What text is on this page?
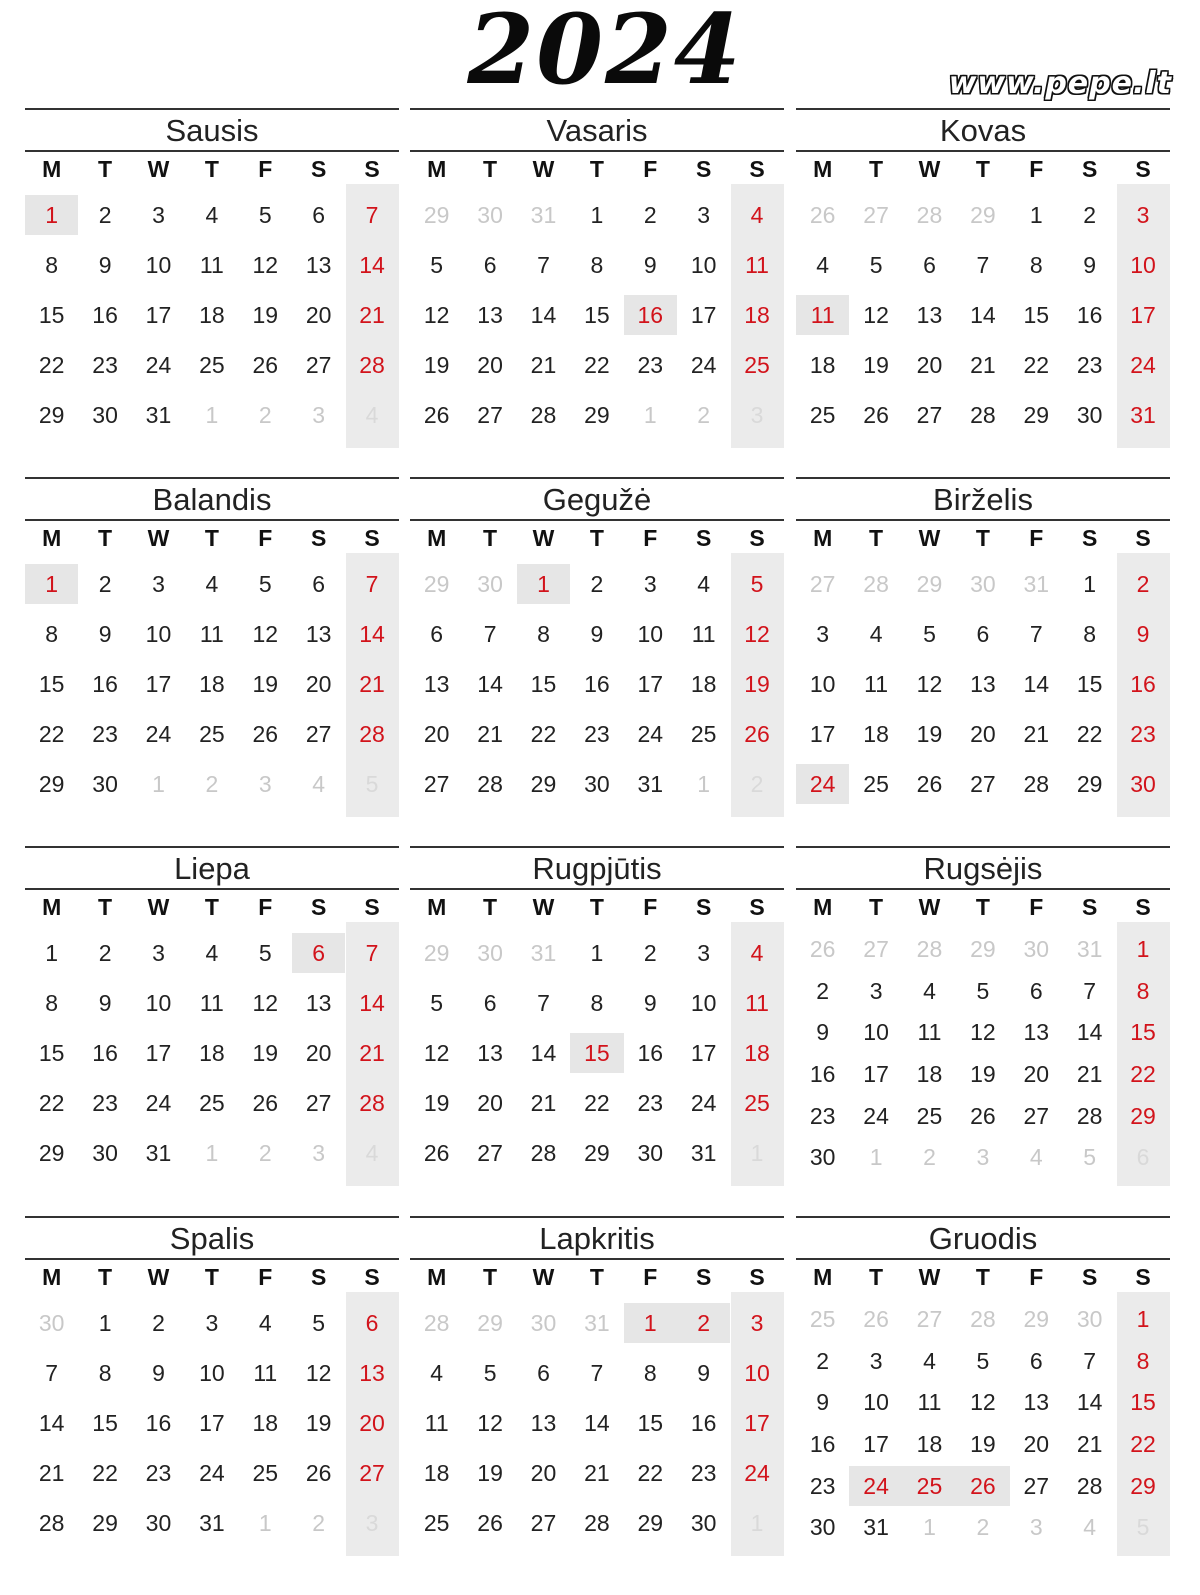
2024	www.pepe.lt
Sausis
M	T	W	T	F	S	S
1	2	3	4	5	6	7
8	9	10	11	12	13	14
15	16	17	18	19	20	21
22	23	24	25	26	27	28
29	30	31	1	2	3	4
Vasaris
M	T	W	T	F	S	S
29	30	31	1	2	3	4
5	6	7	8	9	10	11
12	13	14	15	16	17	18
19	20	21	22	23	24	25
26	27	28	29	1	2	3
Kovas
M	T	W	T	F	S	S
26	27	28	29	1	2	3
4	5	6	7	8	9	10
11	12	13	14	15	16	17
18	19	20	21	22	23	24
25	26	27	28	29	30	31
Balandis
M	T	W	T	F	S	S
1	2	3	4	5	6	7
8	9	10	11	12	13	14
15	16	17	18	19	20	21
22	23	24	25	26	27	28
29	30	1	2	3	4	5
Gegužė
M	T	W	T	F	S	S
29	30	1	2	3	4	5
6	7	8	9	10	11	12
13	14	15	16	17	18	19
20	21	22	23	24	25	26
27	28	29	30	31	1	2
Birželis
M	T	W	T	F	S	S
27	28	29	30	31	1	2
3	4	5	6	7	8	9
10	11	12	13	14	15	16
17	18	19	20	21	22	23
24	25	26	27	28	29	30
Liepa
M	T	W	T	F	S	S
1	2	3	4	5	6	7
8	9	10	11	12	13	14
15	16	17	18	19	20	21
22	23	24	25	26	27	28
29	30	31	1	2	3	4
Rugpjūtis
M	T	W	T	F	S	S
29	30	31	1	2	3	4
5	6	7	8	9	10	11
12	13	14	15	16	17	18
19	20	21	22	23	24	25
26	27	28	29	30	31	1
Rugsėjis
M	T	W	T	F	S	S
26	27	28	29	30	31	1
2	3	4	5	6	7	8
9	10	11	12	13	14	15
16	17	18	19	20	21	22
23	24	25	26	27	28	29
30	1	2	3	4	5	6
Spalis
M	T	W	T	F	S	S
30	1	2	3	4	5	6
7	8	9	10	11	12	13
14	15	16	17	18	19	20
21	22	23	24	25	26	27
28	29	30	31	1	2	3
Lapkritis
M	T	W	T	F	S	S
28	29	30	31	1	2	3
4	5	6	7	8	9	10
11	12	13	14	15	16	17
18	19	20	21	22	23	24
25	26	27	28	29	30	1
Gruodis
M	T	W	T	F	S	S
25	26	27	28	29	30	1
2	3	4	5	6	7	8
9	10	11	12	13	14	15
16	17	18	19	20	21	22
23	24	25	26	27	28	29
30	31	1	2	3	4	5
